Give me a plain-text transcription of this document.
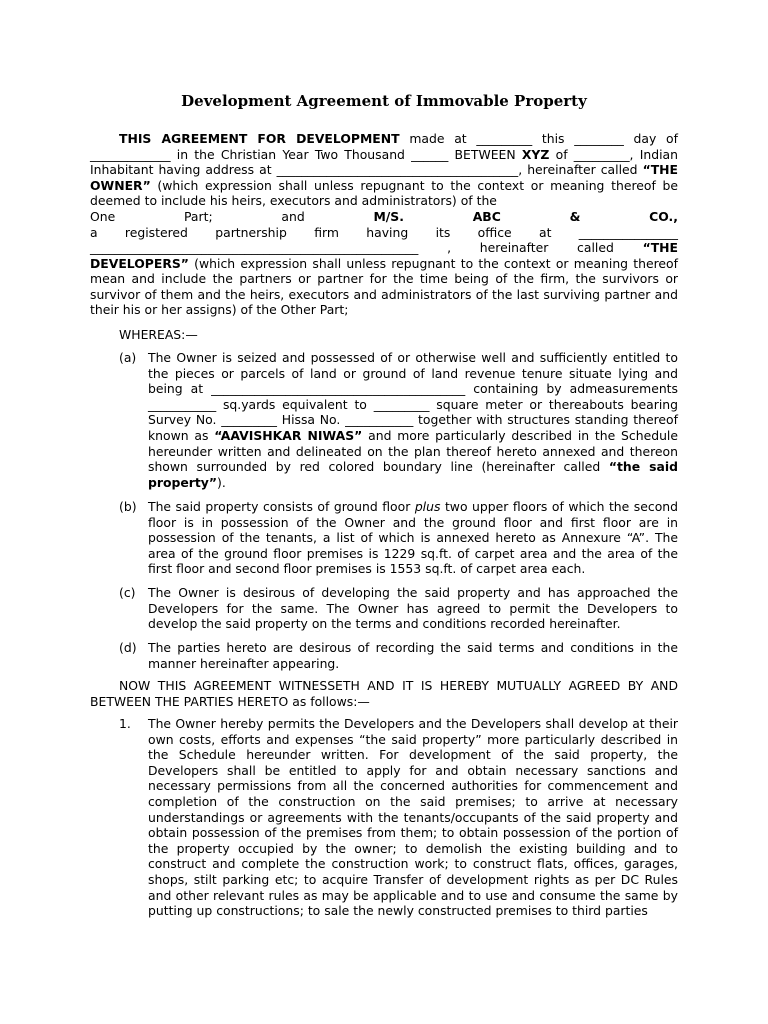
Development Agreement of Immovable Property

THIS AGREEMENT FOR DEVELOPMENT made at _________ this ________ day of _____________ in the Christian Year Two Thousand ______ BETWEEN XYZ of _________, Indian Inhabitant having address at _______________________________________, hereinafter called “THE OWNER” (which expression shall unless repugnant to the context or meaning thereof be deemed to include his heirs, executors and administrators) of the

One	Part;	and	M/S.	ABC	&	CO.,
a registered partnership firm having its office at ________________

_____________________________________________________ , hereinafter called “THE DEVELOPERS” (which expression shall unless repugnant to the context or meaning thereof mean and include the partners or partner for the time being of the firm, the survivors or survivor of them and the heirs, executors and administrators of the last surviving partner and their his or her assigns) of the Other Part;

WHEREAS:—

(a) The Owner is seized and possessed of or otherwise well and sufficiently entitled to the pieces or parcels of land or ground of land revenue tenure situate lying and being at _________________________________________ containing by admeasurements ___________ sq.yards equivalent to _________ square meter or thereabouts bearing Survey No. _________ Hissa No. ___________ together with structures standing thereof known as “AAVISHKAR NIWAS” and more particularly described in the Schedule hereunder written and delineated on the plan thereof hereto annexed and thereon shown surrounded by red colored boundary line (hereinafter called “the said property”).
(b) The said property consists of ground floor plus two upper floors of which the second floor is in possession of the Owner and the ground floor and first floor are in possession of the tenants, a list of which is annexed hereto as Annexure “A”. The area of the ground floor premises is 1229 sq.ft. of carpet area and the area of the first floor and second floor premises is 1553 sq.ft. of carpet area each.
(c)	The Owner is desirous of developing the said property and has approached the Developers for the same. The Owner has agreed to permit the Developers to develop the said property on the terms and conditions recorded hereinafter.
(d) The parties hereto are desirous of recording the said terms and conditions in the manner hereinafter appearing.

NOW THIS AGREEMENT WITNESSETH AND IT IS HEREBY MUTUALLY AGREED BY AND BETWEEN THE PARTIES HERETO as follows:—

1.	The Owner hereby permits the Developers and the Developers shall develop at their own costs, efforts and expenses “the said property” more particularly described in the Schedule hereunder written. For development of the said property, the Developers shall be entitled to apply for and obtain necessary sanctions and necessary permissions from all the concerned authorities for commencement and completion of the construction on the said premises; to arrive at necessary understandings or agreements with the tenants/occupants of the said property and obtain possession of the premises from them; to obtain possession of the portion of the property occupied by the owner; to demolish the existing building and to construct and complete the construction work; to construct flats, offices, garages, shops, stilt parking etc; to acquire Transfer of development rights as per DC Rules and other relevant rules as may be applicable and to use and consume the same by putting up constructions; to sale the newly constructed premises to third parties
